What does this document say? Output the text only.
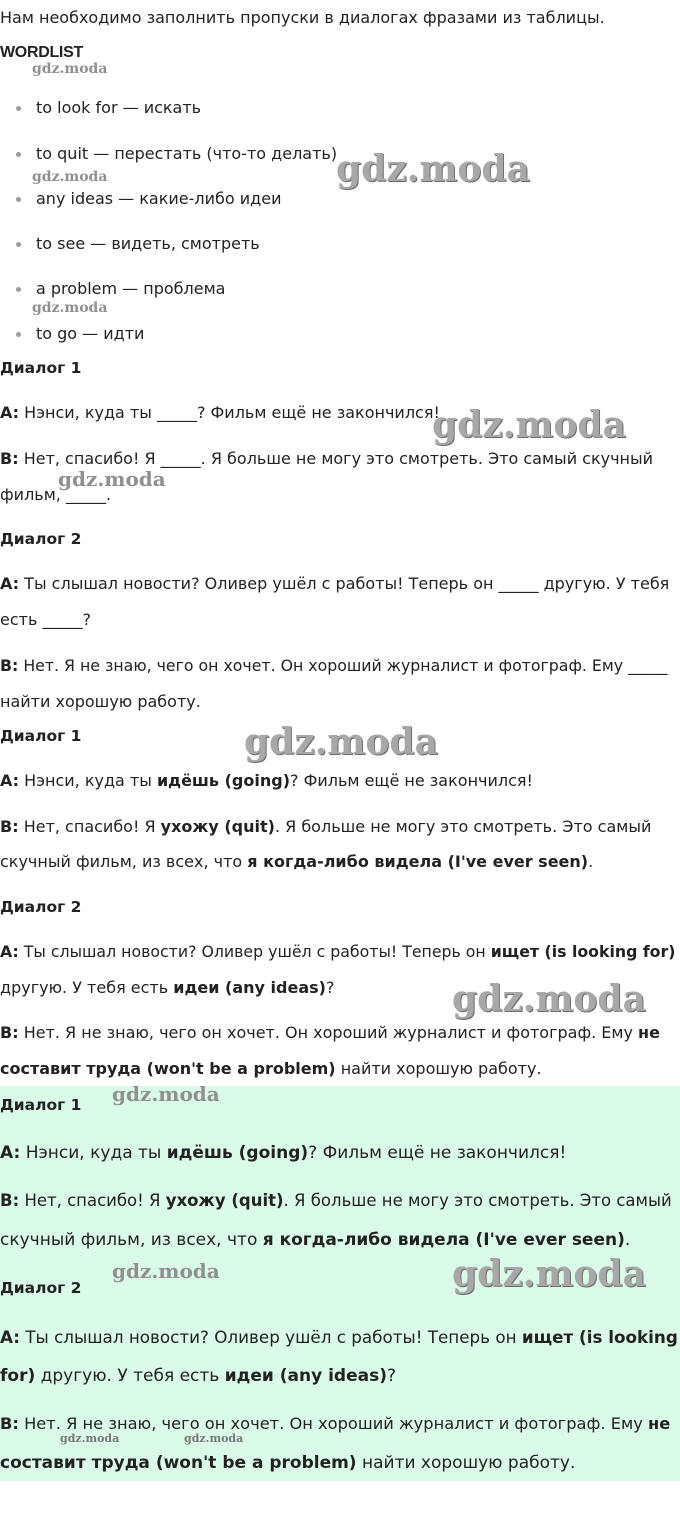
Нам необходимо заполнить пропуски в диалогах фразами из таблицы.
WORDLIST
to look for — искать
to quit — перестать (что-то делать)
any ideas — какие-либо идеи
to see — видеть, смотреть
a problem — проблема
to go — идти
Диалог 1
A: Нэнси, куда ты _____? Фильм ещё не закончился!
B: Нет, спасибо! Я _____. Я больше не могу это смотреть. Это самый скучный
фильм, _____.
Диалог 2
A: Ты слышал новости? Оливер ушёл с работы! Теперь он _____ другую. У тебя
есть _____?
B: Нет. Я не знаю, чего он хочет. Он хороший журналист и фотограф. Ему _____
найти хорошую работу.
Диалог 1
A: Нэнси, куда ты идёшь (going)? Фильм ещё не закончился!
B: Нет, спасибо! Я ухожу (quit). Я больше не могу это смотреть. Это самый
скучный фильм, из всех, что я когда-либо видела (I've ever seen).
Диалог 2
A: Ты слышал новости? Оливер ушёл с работы! Теперь он ищет (is looking for)
другую. У тебя есть идеи (any ideas)?
B: Нет. Я не знаю, чего он хочет. Он хороший журналист и фотограф. Ему не
составит труда (won't be a problem) найти хорошую работу.
Диалог 1
A: Нэнси, куда ты идёшь (going)? Фильм ещё не закончился!
B: Нет, спасибо! Я ухожу (quit). Я больше не могу это смотреть. Это самый
скучный фильм, из всех, что я когда-либо видела (I've ever seen).
Диалог 2
A: Ты слышал новости? Оливер ушёл с работы! Теперь он ищет (is looking
for) другую. У тебя есть идеи (any ideas)?
B: Нет. Я не знаю, чего он хочет. Он хороший журналист и фотограф. Ему не
составит труда (won't be a problem) найти хорошую работу.
gdz.moda
gdz.moda
gdz.moda
gdz.moda
gdz.moda
gdz.moda
gdz.moda
gdz.moda
gdz.moda
gdz.moda	gdz.moda
gdz.moda	gdz.moda
